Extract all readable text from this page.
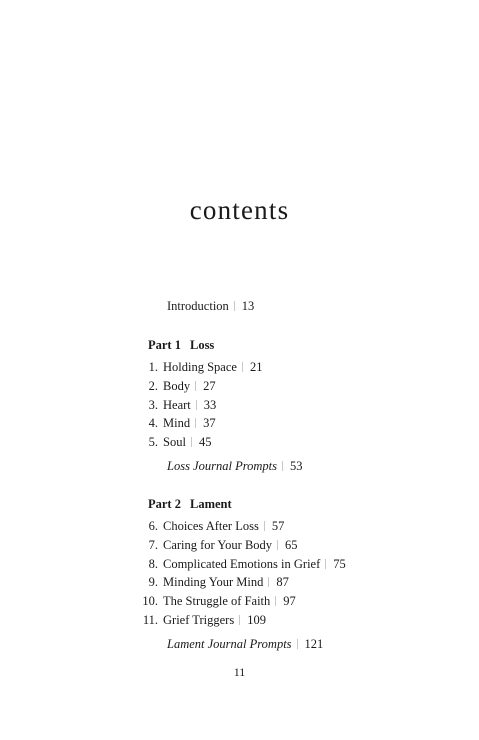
contents
Introduction 13
Part 1 Loss
1. Holding Space 21
2. Body 27
3. Heart 33
4. Mind 37
5. Soul 45
Loss Journal Prompts 53
Part 2 Lament
6. Choices After Loss 57
7. Caring for Your Body 65
8. Complicated Emotions in Grief 75
9. Minding Your Mind 87
10. The Struggle of Faith 97
11. Grief Triggers 109
Lament Journal Prompts 121
11
